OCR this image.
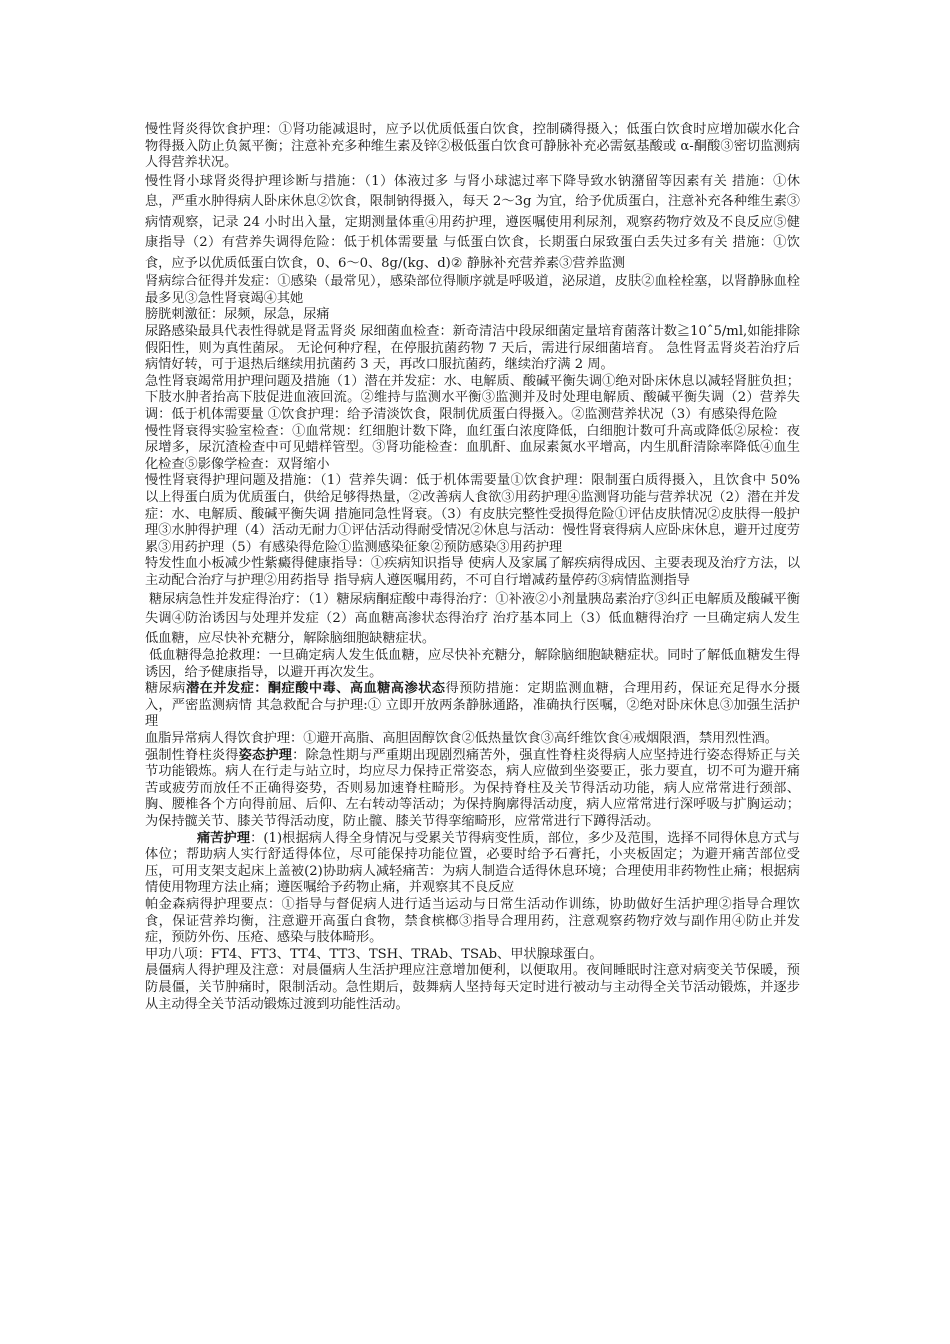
慢性肾炎得饮食护理：①肾功能减退时，应予以优质低蛋白饮食，控制磷得摄入；低蛋白饮食时应增加碳水化合物得摄入防止负氮平衡；注意补充多种维生素及锌②极低蛋白饮食可静脉补充必需氨基酸或 α-酮酸③密切监测病人得营养状况。

慢性肾小球肾炎得护理诊断与措施：（1）体液过多 与肾小球滤过率下降导致水钠潴留等因素有关 措施：①休息，严重水肿得病人卧床休息②饮食，限制钠得摄入，每天 2～3g 为宜，给予优质蛋白，注意补充各种维生素③病情观察，记录 24 小时出入量，定期测量体重④用药护理，遵医嘱使用利尿剂，观察药物疗效及不良反应⑤健康指导（2）有营养失调得危险：低于机体需要量 与低蛋白饮食，长期蛋白尿致蛋白丢失过多有关 措施：①饮食，应予以优质低蛋白饮食，0、6～0、8g/(kg、d)② 静脉补充营养素③营养监测

肾病综合征得并发症：①感染（最常见），感染部位得顺序就是呼吸道，泌尿道，皮肤②血栓栓塞，以肾静脉血栓最多见③急性肾衰竭④其她

膀胱刺激征：尿频，尿急，尿痛

尿路感染最具代表性得就是肾盂肾炎 尿细菌血检查：新奇清洁中段尿细菌定量培育菌落计数≧10ˆ5/ml,如能排除假阳性，则为真性菌尿。 无论何种疗程，在停服抗菌药物 7 天后，需进行尿细菌培育。 急性肾盂肾炎若治疗后病情好转，可于退热后继续用抗菌药 3 天，再改口服抗菌药，继续治疗满 2 周。

急性肾衰竭常用护理问题及措施（1）潜在并发症：水、电解质、酸碱平衡失调①绝对卧床休息以减轻肾脏负担；下肢水肿者抬高下肢促进血液回流。②维持与监测水平衡③监测并及时处理电解质、酸碱平衡失调（2）营养失调：低于机体需要量 ①饮食护理：给予清淡饮食，限制优质蛋白得摄入。②监测营养状况（3）有感染得危险

慢性肾衰得实验室检查：①血常规：红细胞计数下降，血红蛋白浓度降低，白细胞计数可升高或降低②尿检：夜尿增多，尿沉渣检查中可见蜡样管型。③肾功能检查：血肌酐、血尿素氮水平增高，内生肌酐清除率降低④血生化检查⑤影像学检查：双肾缩小

慢性肾衰得护理问题及措施：（1）营养失调：低于机体需要量①饮食护理：限制蛋白质得摄入，且饮食中 50%以上得蛋白质为优质蛋白，供给足够得热量，②改善病人食欲③用药护理④监测肾功能与营养状况（2）潜在并发症：水、电解质、酸碱平衡失调 措施同急性肾衰。（3）有皮肤完整性受损得危险①评估皮肤情况②皮肤得一般护理③水肿得护理（4）活动无耐力①评估活动得耐受情况②休息与活动：慢性肾衰得病人应卧床休息，避开过度劳累③用药护理（5）有感染得危险①监测感染征象②预防感染③用药护理

特发性血小板减少性紫癜得健康指导：①疾病知识指导 使病人及家属了解疾病得成因、主要表现及治疗方法，以主动配合治疗与护理②用药指导 指导病人遵医嘱用药，不可自行增减药量停药③病情监测指导

糖尿病急性并发症得治疗：（1）糖尿病酮症酸中毒得治疗：①补液②小剂量胰岛素治疗③纠正电解质及酸碱平衡失调④防治诱因与处理并发症（2）高血糖高渗状态得治疗 治疗基本同上（3）低血糖得治疗 一旦确定病人发生低血糖，应尽快补充糖分，解除脑细胞缺糖症状。

低血糖得急抢救理：一旦确定病人发生低血糖，应尽快补充糖分，解除脑细胞缺糖症状。同时了解低血糖发生得诱因，给予健康指导，以避开再次发生。

糖尿病潜在并发症：酮症酸中毒、高血糖高渗状态得预防措施：定期监测血糖，合理用药，保证充足得水分摄入，严密监测病情 其急救配合与护理:① 立即开放两条静脉通路，准确执行医嘱，②绝对卧床休息③加强生活护理

血脂异常病人得饮食护理：①避开高脂、高胆固醇饮食②低热量饮食③高纤维饮食④戒烟限酒，禁用烈性酒。

强制性脊柱炎得姿态护理：除急性期与严重期出现剧烈痛苦外，强直性脊柱炎得病人应坚持进行姿态得矫正与关节功能锻炼。病人在行走与站立时，均应尽力保持正常姿态，病人应做到坐姿要正，张力要直，切不可为避开痛苦或疲劳而放任不正确得姿势，否则易加速脊柱畸形。为保持脊柱及关节得活动功能，病人应常常进行颈部、胸、腰椎各个方向得前屈、后仰、左右转动等活动；为保持胸廓得活动度，病人应常常进行深呼吸与扩胸运动；为保持髋关节、膝关节得活动度，防止髋、膝关节得挛缩畸形，应常常进行下蹲得活动。

痛苦护理：(1)根据病人得全身情况与受累关节得病变性质，部位，多少及范围，选择不同得休息方式与体位；帮助病人实行舒适得体位，尽可能保持功能位置，必要时给予石膏托，小夹板固定；为避开痛苦部位受压，可用支架支起床上盖被(2)协助病人减轻痛苦：为病人制造合适得休息环境；合理使用非药物性止痛；根据病情使用物理方法止痛；遵医嘱给予药物止痛，并观察其不良反应

帕金森病得护理要点：①指导与督促病人进行适当运动与日常生活动作训练，协助做好生活护理②指导合理饮食，保证营养均衡，注意避开高蛋白食物，禁食槟榔③指导合理用药，注意观察药物疗效与副作用④防止并发症，预防外伤、压疮、感染与肢体畸形。

甲功八项：FT4、FT3、TT4、TT3、TSH、TRAb、TSAb、甲状腺球蛋白。

晨僵病人得护理及注意：对晨僵病人生活护理应注意增加便利，以便取用。夜间睡眠时注意对病变关节保暖，预防晨僵，关节肿痛时，限制活动。急性期后，鼓舞病人坚持每天定时进行被动与主动得全关节活动锻炼，并逐步从主动得全关节活动锻炼过渡到功能性活动。
